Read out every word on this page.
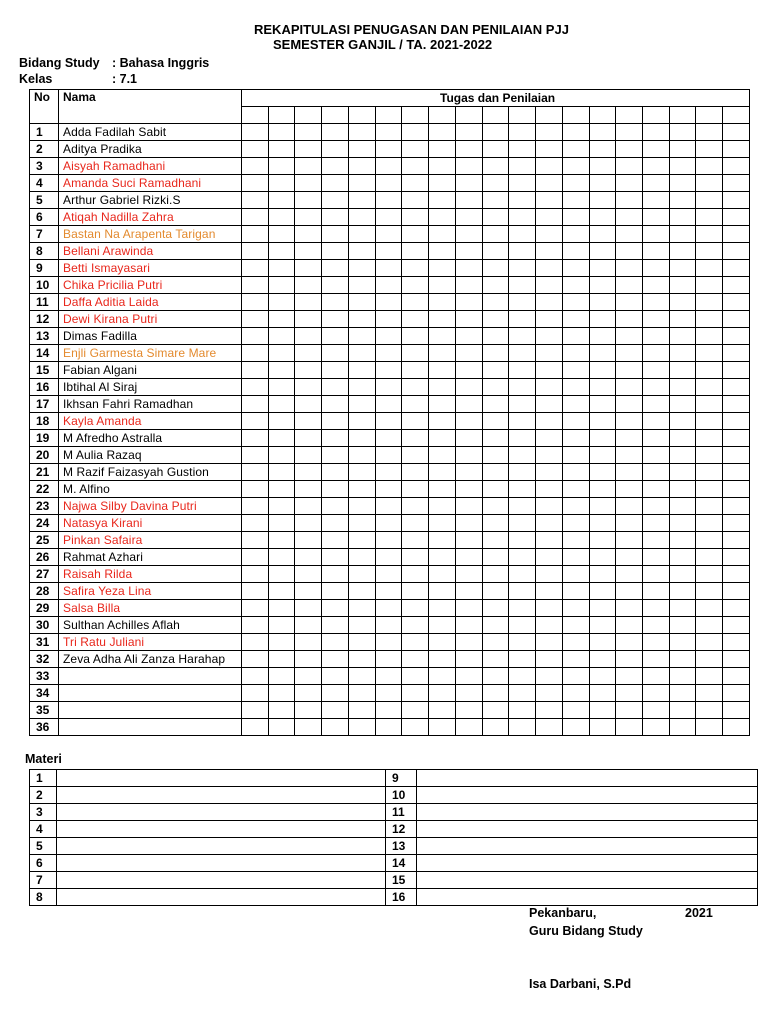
REKAPITULASI PENUGASAN DAN PENILAIAN PJJ
SEMESTER GANJIL / TA. 2021-2022
Bidang Study : Bahasa Inggris
Kelas	: 7.1
No	Nama	Tugas dan Penilaian																		

1	Adda Fadilah Sabit																			
2	Aditya Pradika																			
3	Aisyah Ramadhani																			
4	Amanda Suci Ramadhani																			
5	Arthur Gabriel Rizki.S																			
6	Atiqah Nadilla Zahra																			
7	Bastan Na Arapenta Tarigan																			
8	Bellani Arawinda																			
9	Betti Ismayasari																			
10	Chika Pricilia Putri																			
11	Daffa Aditia Laida																			
12	Dewi Kirana Putri																			
13	Dimas Fadilla																			
14	Enjli Garmesta Simare Mare																			
15	Fabian Algani																			
16	Ibtihal Al Siraj																			
17	Ikhsan Fahri Ramadhan																			
18	Kayla Amanda																			
19	M Afredho Astralla																			
20	M Aulia Razaq																			
21	M Razif Faizasyah Gustion																			
22	M. Alfino																			
23	Najwa Silby Davina Putri																			
24	Natasya Kirani																			
25	Pinkan Safaira																			
26	Rahmat Azhari																			
27	Raisah Rilda																			
28	Safira Yeza Lina																			
29	Salsa Billa																			
30	Sulthan Achilles Aflah																			
31	Tri Ratu Juliani																			
32	Zeva Adha Ali Zanza Harahap																			
33																				
34																				
35																				
36																				
Materi
1		9	
2		10	
3		11	
4		12	
5		13	
6		14	
7		15	
8		16	
Pekanbaru,	2021
Guru Bidang Study
Isa Darbani, S.Pd
